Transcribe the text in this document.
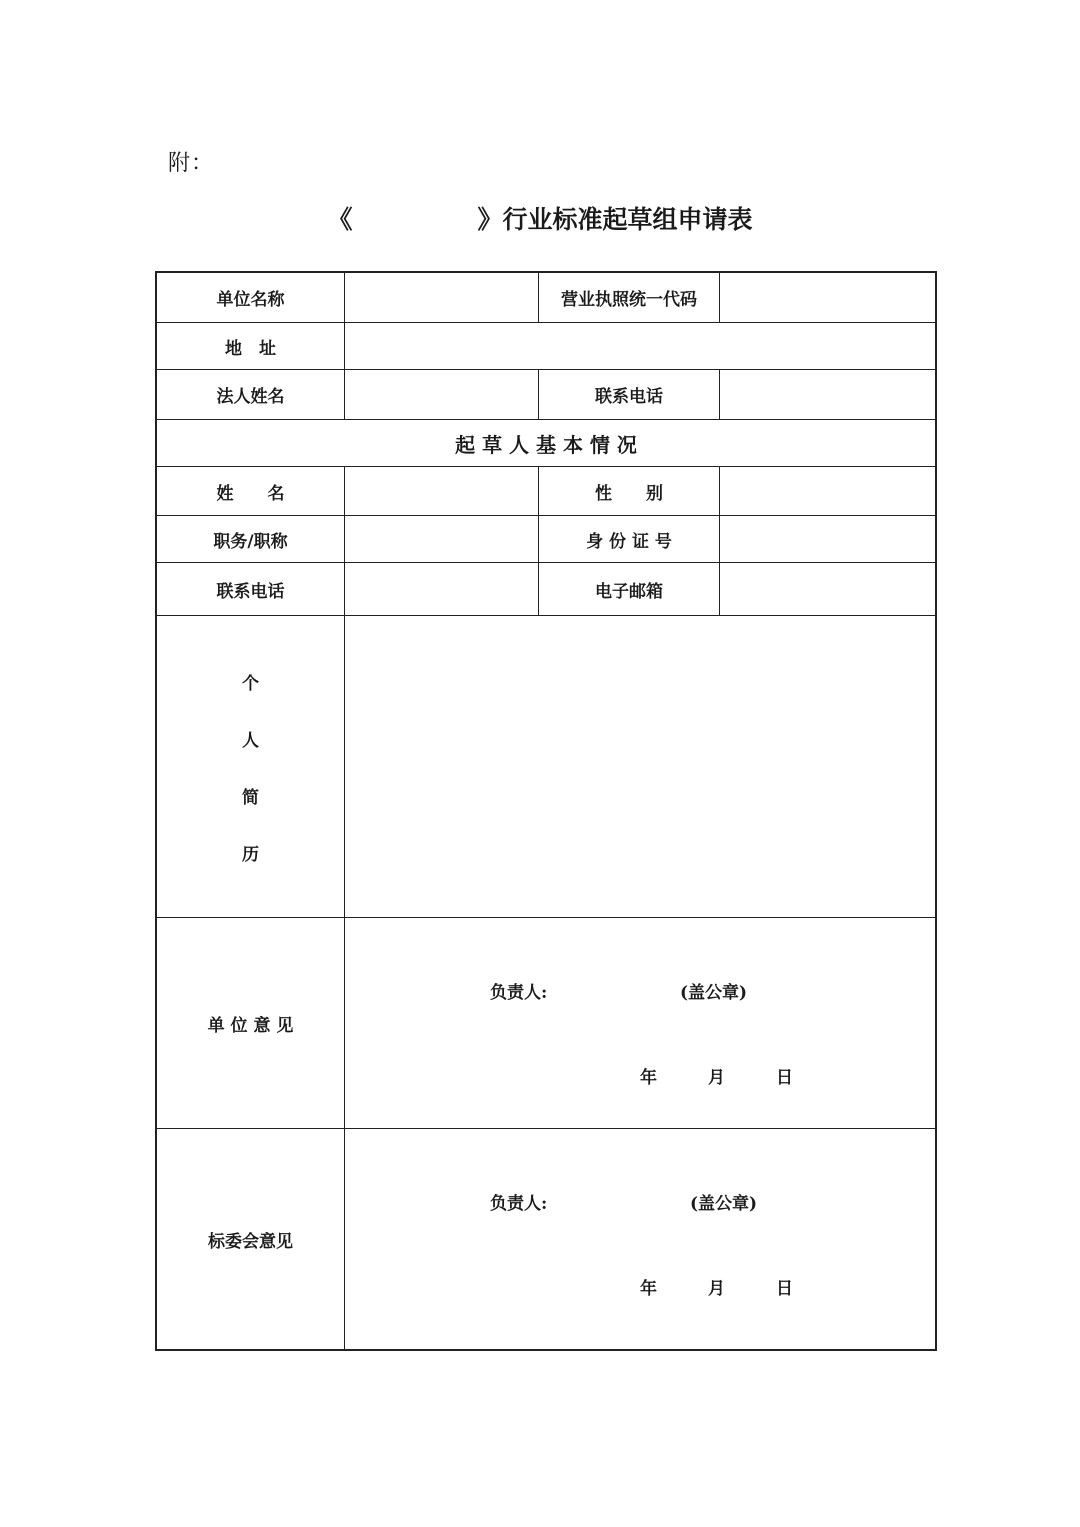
附：
《　　　　　》行业标准起草组申请表
单位名称	营业执照统一代码
地　址
法人姓名	联系电话
起 草 人 基 本 情 况
姓　　名	性　　别
职务/职称	身 份 证 号
联系电话	电子邮箱
个
人
简
历
单 位 意 见

负责人:

	(盖公章)

年　　　月　　　日

标委会意见

负责人:

	(盖公章)

年　　　月　　　日
